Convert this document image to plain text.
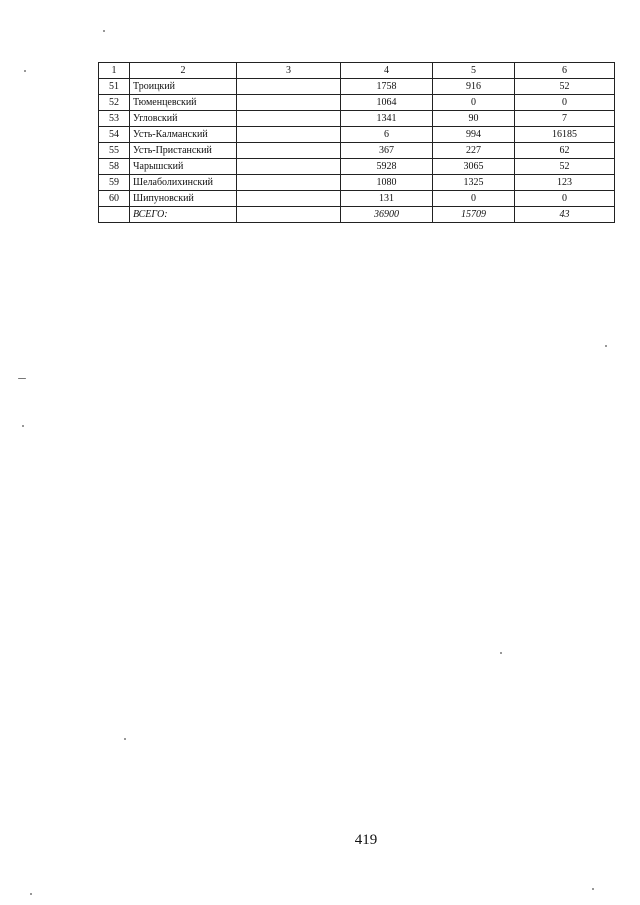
1	2	3	4	5	6
51	Троицкий		1758	916	52
52	Тюменцевский		1064	0	0
53	Угловский		1341	90	7
54	Усть-Калманский		6	994	16185
55	Усть-Пристанский		367	227	62
58	Чарышский		5928	3065	52
59	Шелаболихинский		1080	1325	123
60	Шипуновский		131	0	0
	ВСЕГО:		36900	15709	43
419
